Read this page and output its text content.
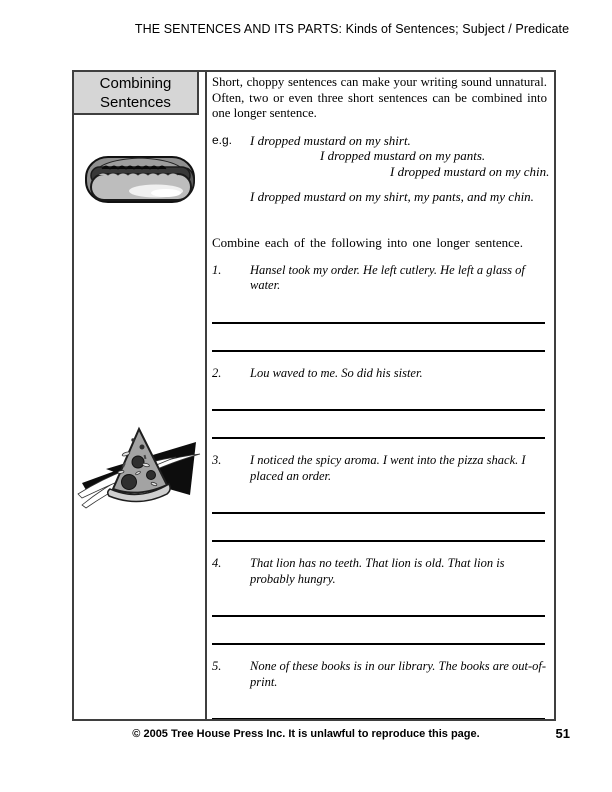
THE SENTENCES AND ITS PARTS: Kinds of Sentences; Subject / Predicate
Combining Sentences

Short, choppy sentences can make your writing sound unnatural. Often, two or even three short sentences can be combined into one longer sentence.

e.g.	I dropped mustard on my shirt.
I dropped mustard on my pants.
I dropped mustard on my chin.
I dropped mustard on my shirt, my pants, and my chin.
Combine each of the following into one longer sentence.
1.	Hansel took my order. He left cutlery. He left a glass of water.
2.	Lou waved to me. So did his sister.
3.	I noticed the spicy aroma. I went into the pizza shack. I placed an order.
4.	That lion has no teeth. That lion is old. That lion is probably hungry.
5.	None of these books is in our library. The books are out-of-print.
© 2005 Tree House Press Inc. It is unlawful to reproduce this page.	51
